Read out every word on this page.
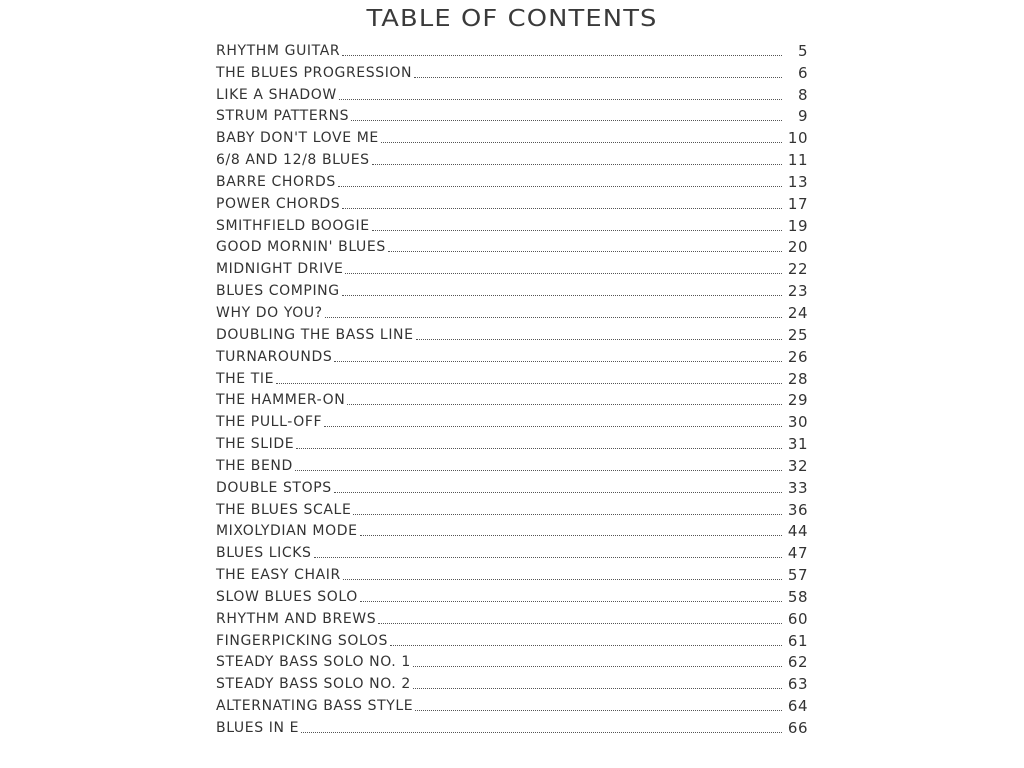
TABLE OF CONTENTS
RHYTHM GUITAR	5
THE BLUES PROGRESSION	6
LIKE A SHADOW	8
STRUM PATTERNS	9
BABY DON'T LOVE ME	10
6/8 AND 12/8 BLUES	11
BARRE CHORDS	13
POWER CHORDS	17
SMITHFIELD BOOGIE	19
GOOD MORNIN' BLUES	20
MIDNIGHT DRIVE	22
BLUES COMPING	23
WHY DO YOU?	24
DOUBLING THE BASS LINE	25
TURNAROUNDS	26
THE TIE	28
THE HAMMER-ON	29
THE PULL-OFF	30
THE SLIDE	31
THE BEND	32
DOUBLE STOPS	33
THE BLUES SCALE	36
MIXOLYDIAN MODE	44
BLUES LICKS	47
THE EASY CHAIR	57
SLOW BLUES SOLO	58
RHYTHM AND BREWS	60
FINGERPICKING SOLOS	61
STEADY BASS SOLO NO. 1	62
STEADY BASS SOLO NO. 2	63
ALTERNATING BASS STYLE	64
BLUES IN E	66
